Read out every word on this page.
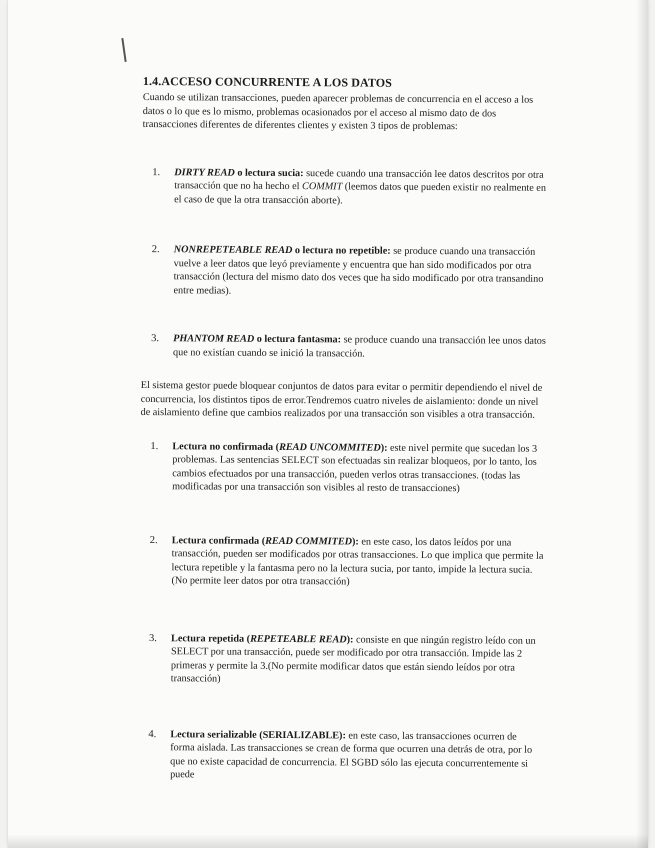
1.4.ACCESO CONCURRENTE A LOS DATOS

Cuando se utilizan transacciones, pueden aparecer problemas de concurrencia en el acceso a los datos o lo que es lo mismo, problemas ocasionados por el acceso al mismo dato de dos transacciones diferentes de diferentes clientes y existen 3 tipos de problemas:

1. DIRTY READ o lectura sucia: sucede cuando una transacción lee datos descritos por otra transacción que no ha hecho el COMMIT (leemos datos que pueden existir no realmente en el caso de que la otra transacción aborte).
2. NONREPETEABLE READ o lectura no repetible: se produce cuando una transacción vuelve a leer datos que leyó previamente y encuentra que han sido modificados por otra transacción (lectura del mismo dato dos veces que ha sido modificado por otra transandino entre medias).
3. PHANTOM READ o lectura fantasma: se produce cuando una transacción lee unos datos que no existían cuando se inició la transacción.

El sistema gestor puede bloquear conjuntos de datos para evitar o permitir dependiendo el nivel de concurrencia, los distintos tipos de error.Tendremos cuatro niveles de aislamiento: donde un nivel de aislamiento define que cambios realizados por una transacción son visibles a otra transacción.

1. Lectura no confirmada (READ UNCOMMITED): este nivel permite que sucedan los 3 problemas. Las sentencias SELECT son efectuadas sin realizar bloqueos, por lo tanto, los cambios efectuados por una transacción, pueden verlos otras transacciones. (todas las modificadas por una transacción son visibles al resto de transacciones)
2. Lectura confirmada (READ COMMITED): en este caso, los datos leídos por una transacción, pueden ser modificados por otras transacciones. Lo que implica que permite la lectura repetible y la fantasma pero no la lectura sucia, por tanto, impide la lectura sucia. (No permite leer datos por otra transacción)
3. Lectura repetida (REPETEABLE READ): consiste en que ningún registro leído con un SELECT por una transacción, puede ser modificado por otra transacción. Impide las 2 primeras y permite la 3.(No permite modificar datos que están siendo leídos por otra transacción)
4. Lectura serializable (SERIALIZABLE): en este caso, las transacciones ocurren de forma aislada. Las transacciones se crean de forma que ocurren una detrás de otra, por lo que no existe capacidad de concurrencia. El SGBD sólo las ejecuta concurrentemente si puede
